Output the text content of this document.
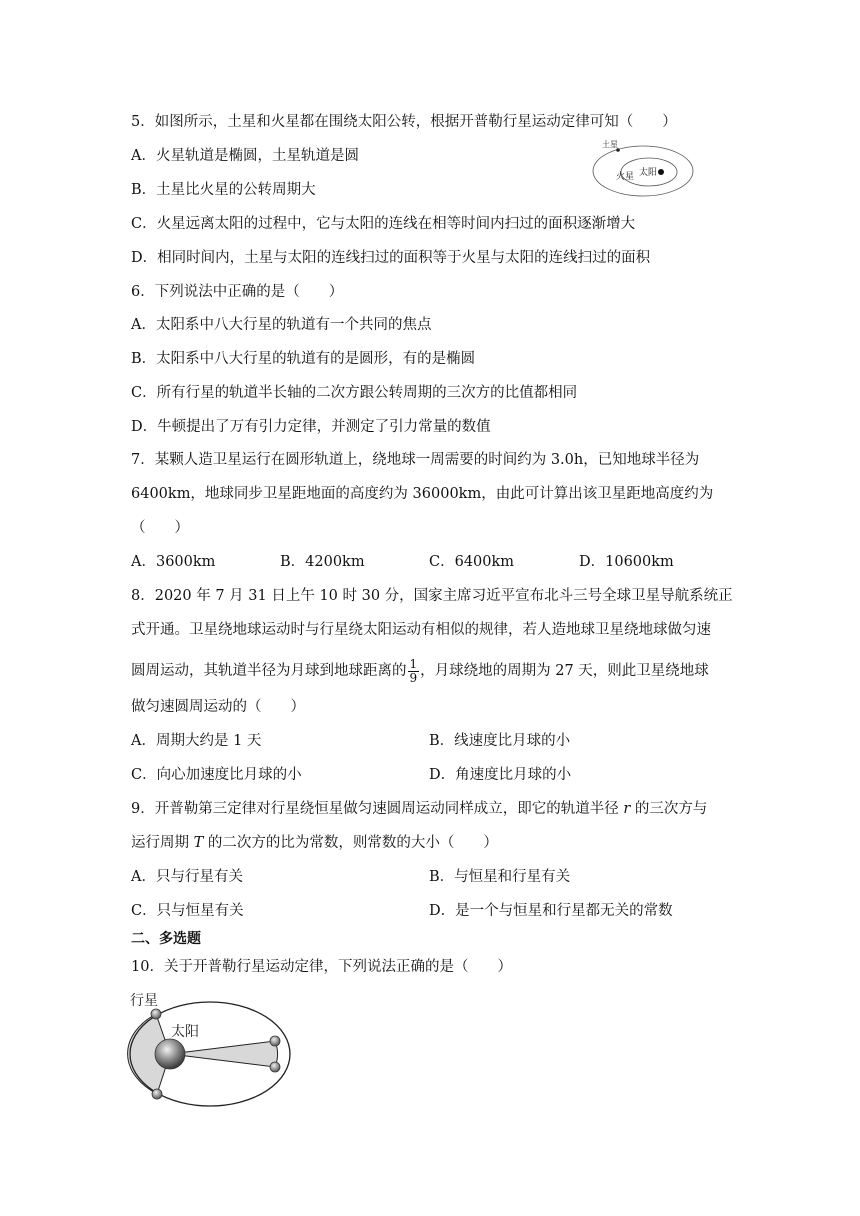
5．如图所示，土星和火星都在围绕太阳公转，根据开普勒行星运动定律可知（　　）
A．火星轨道是椭圆，土星轨道是圆
B．土星比火星的公转周期大
C．火星远离太阳的过程中，它与太阳的连线在相等时间内扫过的面积逐渐增大
D．相同时间内，土星与太阳的连线扫过的面积等于火星与太阳的连线扫过的面积
土星
火星 太阳
6．下列说法中正确的是（　　）
A．太阳系中八大行星的轨道有一个共同的焦点
B．太阳系中八大行星的轨道有的是圆形，有的是椭圆
C．所有行星的轨道半长轴的二次方跟公转周期的三次方的比值都相同
D．牛顿提出了万有引力定律，并测定了引力常量的数值
7．某颗人造卫星运行在圆形轨道上，绕地球一周需要的时间约为 3.0h，已知地球半径为
6400km，地球同步卫星距地面的高度约为 36000km，由此可计算出该卫星距地高度约为
（　　）
A．3600km	B．4200km	C．6400km	D．10600km
8．2020 年 7 月 31 日上午 10 时 30 分，国家主席习近平宣布北斗三号全球卫星导航系统正
式开通。卫星绕地球运动时与行星绕太阳运动有相似的规律，若人造地球卫星绕地球做匀速
圆周运动，其轨道半径为月球到地球距离的 $\frac{1}{9}$ ，月球绕地的周期为 27 天，则此卫星绕地球
做匀速圆周运动的（　　）
A．周期大约是 1 天	B．线速度比月球的小
C．向心加速度比月球的小	D．角速度比月球的小
9．开普勒第三定律对行星绕恒星做匀速圆周运动同样成立，即它的轨道半径 r 的三次方与
运行周期 T 的二次方的比为常数，则常数的大小（　　）
A．只与行星有关	B．与恒星和行星有关
C．只与恒星有关	D．是一个与恒星和行星都无关的常数
二、多选题
10．关于开普勒行星运动定律，下列说法正确的是（　　）
行星
太阳
